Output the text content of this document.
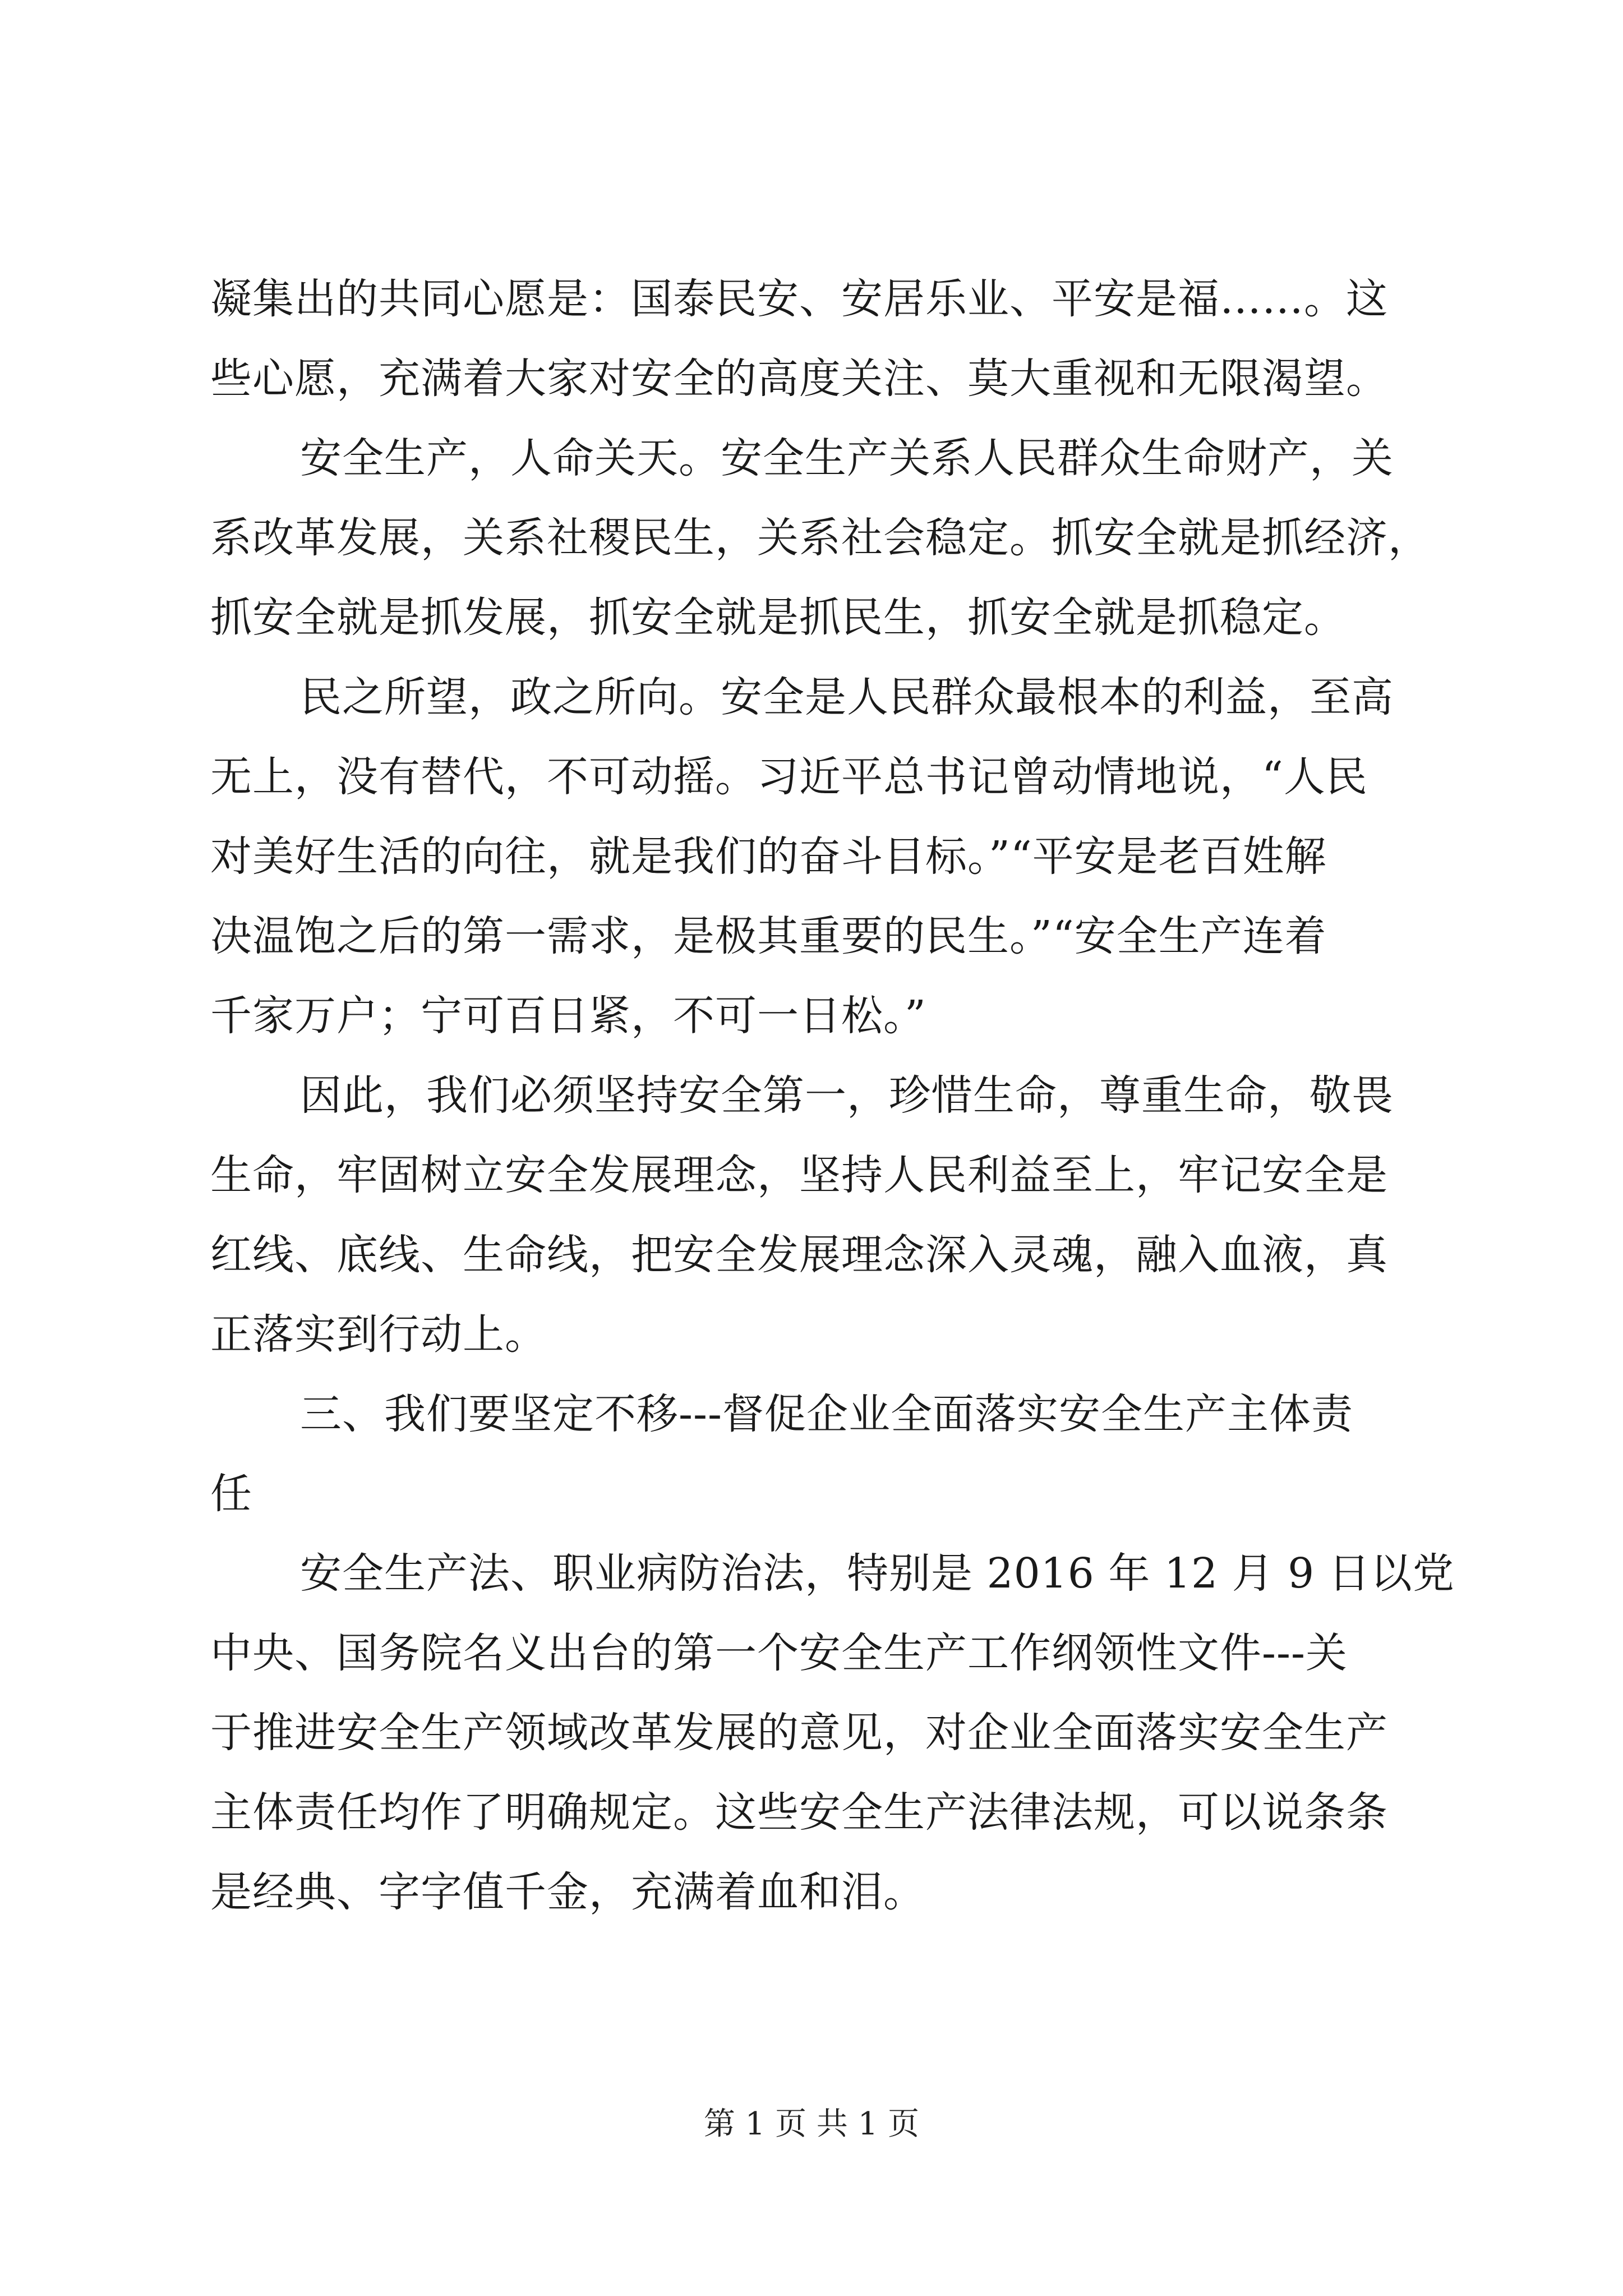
凝集出的共同心愿是：国泰民安、安居乐业、平安是福……。这
些心愿，充满着大家对安全的高度关注、莫大重视和无限渴望。
安全生产，人命关天。安全生产关系人民群众生命财产，关
系改革发展，关系社稷民生，关系社会稳定。抓安全就是抓经济，
抓安全就是抓发展，抓安全就是抓民生，抓安全就是抓稳定。
民之所望，政之所向。安全是人民群众最根本的利益，至高
无上，没有替代，不可动摇。习近平总书记曾动情地说，“人民
对美好生活的向往，就是我们的奋斗目标。”“平安是老百姓解
决温饱之后的第一需求，是极其重要的民生。”“安全生产连着
千家万户；宁可百日紧，不可一日松。”
因此，我们必须坚持安全第一，珍惜生命，尊重生命，敬畏
生命，牢固树立安全发展理念，坚持人民利益至上，牢记安全是
红线、底线、生命线，把安全发展理念深入灵魂，融入血液，真
正落实到行动上。
三、我们要坚定不移---督促企业全面落实安全生产主体责
任
安全生产法、职业病防治法，特别是 2016 年 12 月 9 日以党
中央、国务院名义出台的第一个安全生产工作纲领性文件---关
于推进安全生产领域改革发展的意见，对企业全面落实安全生产
主体责任均作了明确规定。这些安全生产法律法规，可以说条条
是经典、字字值千金，充满着血和泪。
第 1 页 共 1 页
